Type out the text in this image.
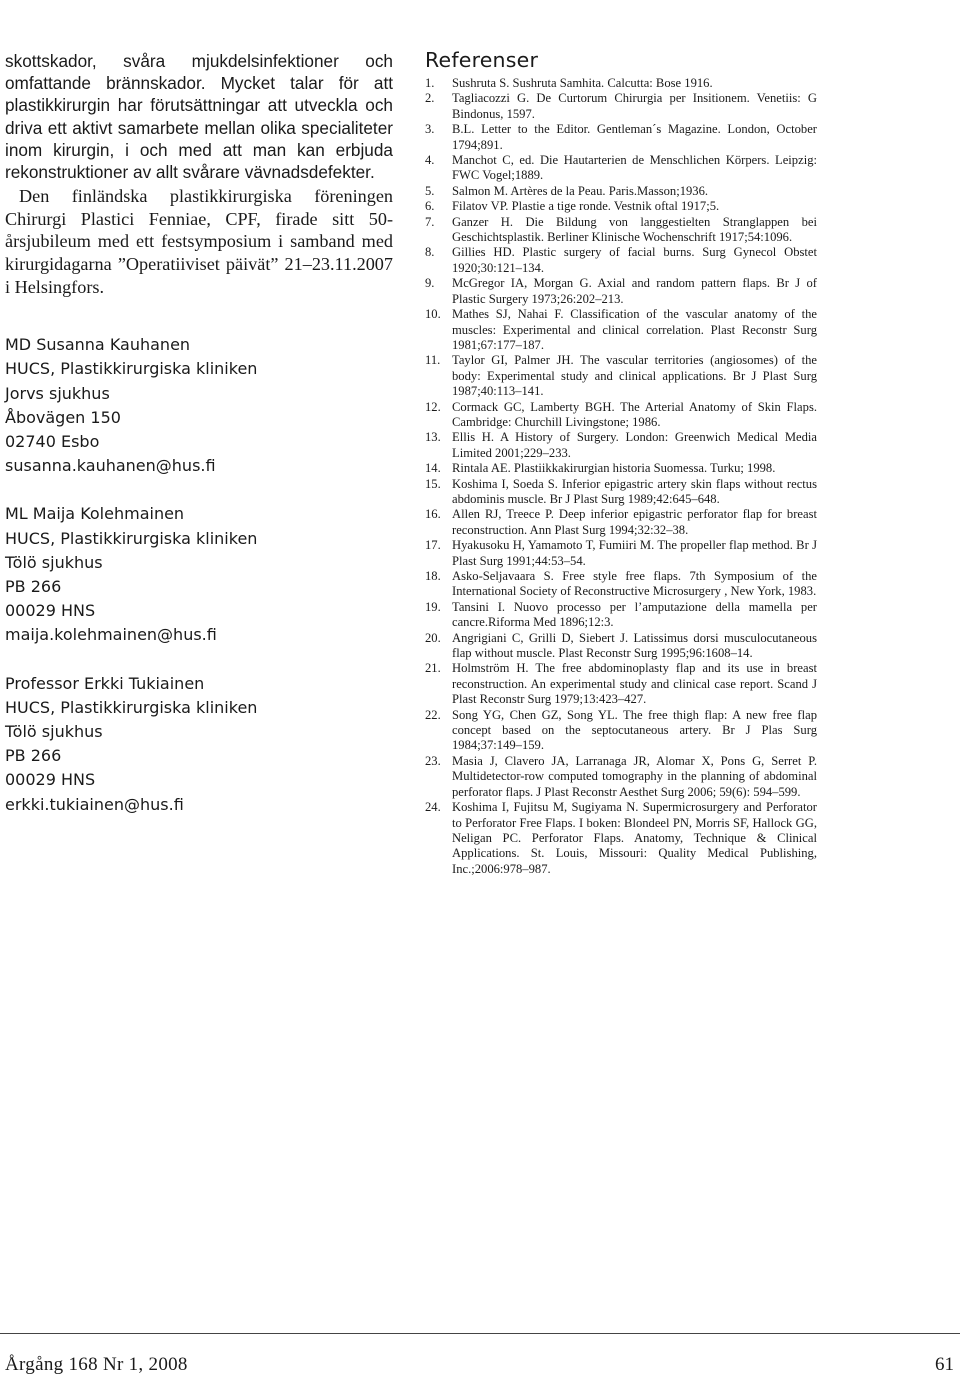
skottskador, svåra mjukdelsinfektioner och omfattande brännskador. Mycket talar för att plastikkirurgin har förutsättningar att utveckla och driva ett aktivt samarbete mellan olika specialiteter inom kirurgin, i och med att man kan erbjuda rekonstruktioner av allt svårare vävnadsdefekter.

Den finländska plastikkirurgiska föreningen Chirurgi Plastici Fenniae, CPF, firade sitt 50-årsjubileum med ett festsymposium i samband med kirurgidagarna ”Operatiiviset päivät” 21–23.11.2007 i Helsingfors.

MD Susanna Kauhanen
HUCS, Plastikkirurgiska kliniken
Jorvs sjukhus
Åbovägen 150
02740 Esbo
susanna.kauhanen@hus.fi
ML Maija Kolehmainen
HUCS, Plastikkirurgiska kliniken
Tölö sjukhus
PB 266
00029 HNS
maija.kolehmainen@hus.fi
Professor Erkki Tukiainen
HUCS, Plastikkirurgiska kliniken
Tölö sjukhus
PB 266
00029 HNS
erkki.tukiainen@hus.fi
Referenser
1.	Sushruta S. Sushruta Samhita. Calcutta: Bose 1916.
2.	Tagliacozzi G. De Curtorum Chirurgia per Insitionem. Venetiis: G Bindonus, 1597.
3.	B.L. Letter to the Editor. Gentleman´s Magazine. London, October 1794;891.
4.	Manchot C, ed. Die Hautarterien de Menschlichen Körpers. Leipzig: FWC Vogel;1889.
5.	Salmon M. Artères de la Peau. Paris.Masson;1936.
6.	Filatov VP. Plastie a tige ronde. Vestnik oftal 1917;5.
7.	Ganzer H. Die Bildung von langgestielten Stranglappen bei Geschichtsplastik. Berliner Klinische Wochenschrift 1917;54:1096.
8.	Gillies HD. Plastic surgery of facial burns. Surg Gynecol Obstet 1920;30:121–134.
9.	McGregor IA, Morgan G. Axial and random pattern flaps. Br J of Plastic Surgery 1973;26:202–213.
10. Mathes SJ, Nahai F. Classification of the vascular anatomy of the muscles: Experimental and clinical correlation. Plast Reconstr Surg 1981;67:177–187.
11. Taylor GI, Palmer JH. The vascular territories (angiosomes) of the body: Experimental study and clinical applications. Br J Plast Surg 1987;40:113–141.
12. Cormack GC, Lamberty BGH. The Arterial Anatomy of Skin Flaps. Cambridge: Churchill Livingstone; 1986.
13. Ellis H. A History of Surgery. London: Greenwich Medical Media Limited 2001;229–233.
14. Rintala AE. Plastiikkakirurgian historia Suomessa. Turku; 1998.
15. Koshima I, Soeda S. Inferior epigastric artery skin flaps without rectus abdominis muscle. Br J Plast Surg 1989;42:645–648.
16. Allen RJ, Treece P. Deep inferior epigastric perforator flap for breast reconstruction. Ann Plast Surg 1994;32:32–38.
17. Hyakusoku H, Yamamoto T, Fumiiri M. The propeller flap method. Br J Plast Surg 1991;44:53–54.
18. Asko-Seljavaara S. Free style free flaps. 7th Symposium of the International Society of Reconstructive Microsurgery , New York, 1983.
19. Tansini I. Nuovo processo per l’amputazione della mamella per cancre.Riforma Med 1896;12:3.
20. Angrigiani C, Grilli D, Siebert J. Latissimus dorsi musculocutaneous flap without muscle. Plast Reconstr Surg 1995;96:1608–14.
21. Holmström H. The free abdominoplasty flap and its use in breast reconstruction. An experimental study and clinical case report. Scand J Plast Reconstr Surg 1979;13:423–427.
22. Song YG, Chen GZ, Song YL. The free thigh flap: A new free flap concept based on the septocutaneous artery. Br J Plas Surg 1984;37:149–159.
23. Masia J, Clavero JA, Larranaga JR, Alomar X, Pons G, Serret P. Multidetector-row computed tomography in the planning of abdominal perforator flaps. J Plast Reconstr Aesthet Surg 2006; 59(6): 594–599.
24. Koshima I, Fujitsu M, Sugiyama N. Supermicrosurgery and Perforator to Perforator Free Flaps. I boken: Blondeel PN, Morris SF, Hallock GG, Neligan PC. Perforator Flaps. Anatomy, Technique & Clinical Applications. St. Louis, Missouri: Quality Medical Publishing, Inc.;2006:978–987.
Årgång 168 Nr 1, 2008	61
